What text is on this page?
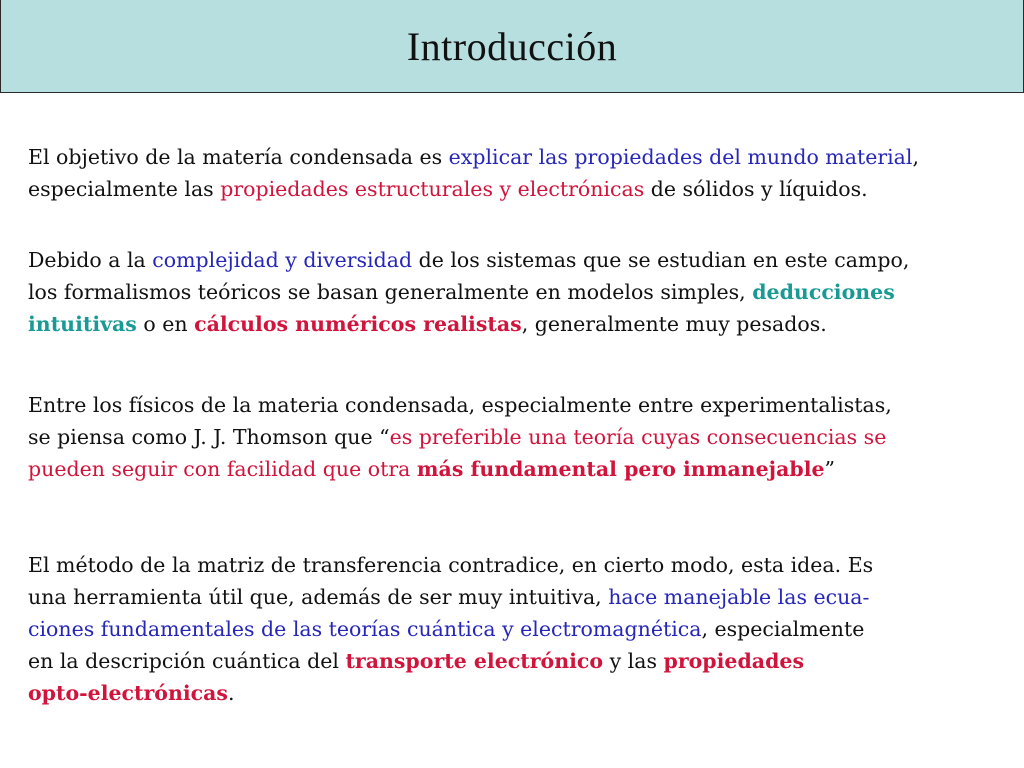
Introducción

El objetivo de la matería condensada es explicar las propiedades del mundo material,
especialmente las propiedades estructurales y electrónicas de sólidos y líquidos.

Debido a la complejidad y diversidad de los sistemas que se estudian en este campo,
los formalismos teóricos se basan generalmente en modelos simples, deducciones
intuitivas o en cálculos numéricos realistas, generalmente muy pesados.

Entre los físicos de la materia condensada, especialmente entre experimentalistas,
se piensa como J. J. Thomson que “es preferible una teoría cuyas consecuencias se
pueden seguir con facilidad que otra más fundamental pero inmanejable”

El método de la matriz de transferencia contradice, en cierto modo, esta idea. Es
una herramienta útil que, además de ser muy intuitiva, hace manejable las ecua-
ciones fundamentales de las teorías cuántica y electromagnética, especialmente
en la descripción cuántica del transporte electrónico y las propiedades
opto-electrónicas.
